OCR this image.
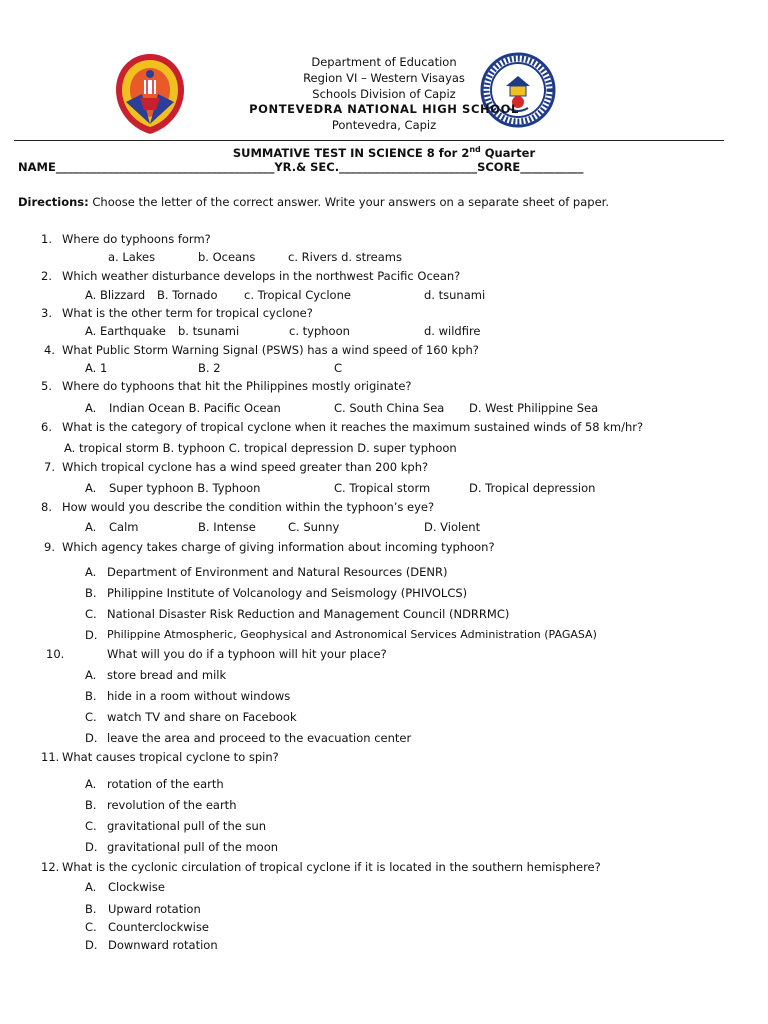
Department of Education
Region VI – Western Visayas
Schools Division of Capiz
PONTEVEDRA NATIONAL HIGH SCHOOL
Pontevedra, Capiz
SUMMATIVE TEST IN SCIENCE 8 for 2nd Quarter
NAME______________________________________YR.& SEC.________________________SCORE___________
Directions: Choose the letter of the correct answer. Write your answers on a separate sheet of paper.
1. Where do typhoons form?
a. Lakes	b. Oceans	c. Rivers d. streams
2. Which weather disturbance develops in the northwest Pacific Ocean?
A. Blizzard B. Tornado c. Tropical Cyclone	d. tsunami
3. What is the other term for tropical cyclone?
A. Earthquake b. tsunami	c. typhoon	d. wildfire
4. What Public Storm Warning Signal (PSWS) has a wind speed of 160 kph?
A. 1	B. 2	C
5. Where do typhoons that hit the Philippines mostly originate?
A. Indian Ocean B. Pacific Ocean	C. South China Sea D. West Philippine Sea
6. What is the category of tropical cyclone when it reaches the maximum sustained winds of 58 km/hr?
A. tropical storm B. typhoon C. tropical depression D. super typhoon
7. Which tropical cyclone has a wind speed greater than 200 kph?
A. Super typhoon B. Typhoon	C. Tropical storm	D. Tropical depression
8. How would you describe the condition within the typhoon’s eye?
A. Calm	B. Intense	C. Sunny	D. Violent
9. Which agency takes charge of giving information about incoming typhoon?
A. Department of Environment and Natural Resources (DENR)
B. Philippine Institute of Volcanology and Seismology (PHIVOLCS)
C. National Disaster Risk Reduction and Management Council (NDRRMC)
D. Philippine Atmospheric, Geophysical and Astronomical Services Administration (PAGASA)
10.	What will you do if a typhoon will hit your place?
A. store bread and milk
B. hide in a room without windows
C. watch TV and share on Facebook
D. leave the area and proceed to the evacuation center
11. What causes tropical cyclone to spin?
A. rotation of the earth
B. revolution of the earth
C. gravitational pull of the sun
D. gravitational pull of the moon
12. What is the cyclonic circulation of tropical cyclone if it is located in the southern hemisphere?
A. Clockwise
B. Upward rotation
C. Counterclockwise
D. Downward rotation
